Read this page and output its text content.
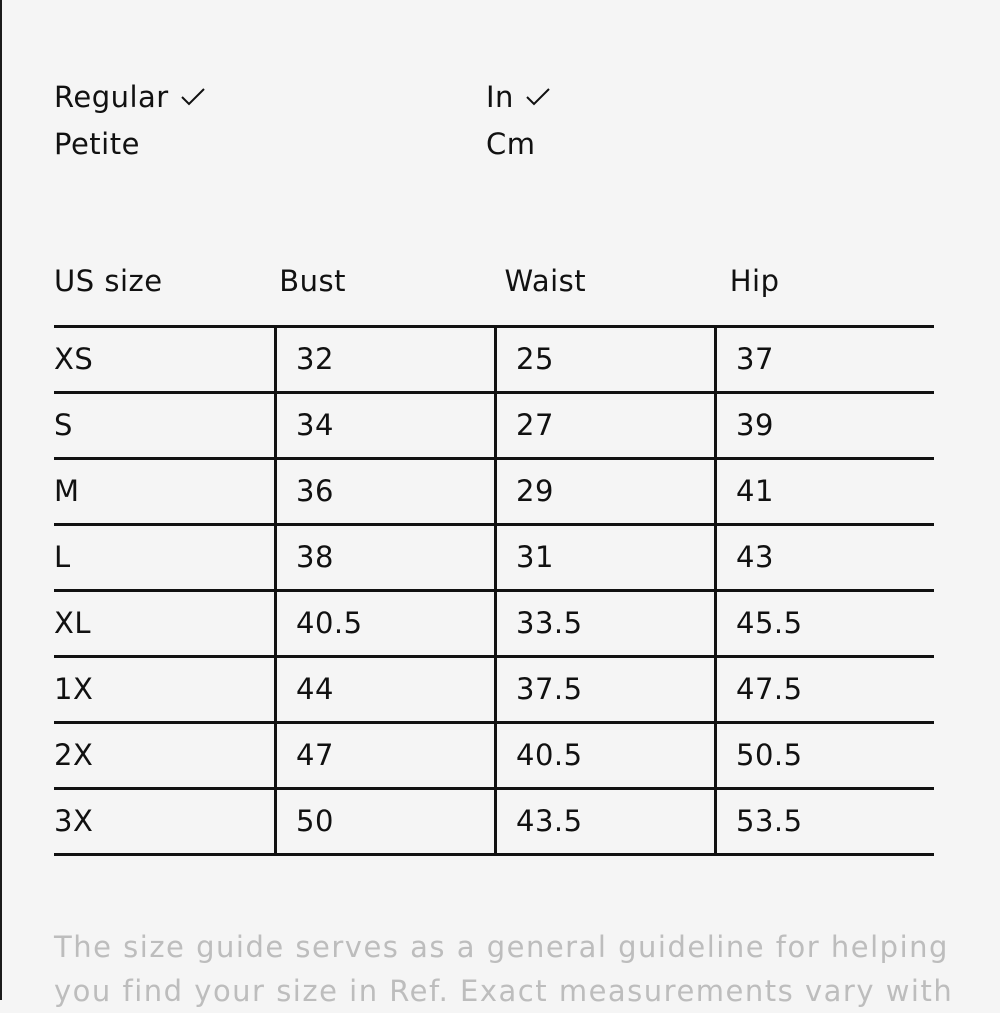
Regular
Petite
In
Cm
US size	Bust	Waist	Hip
XS	32	25	37
S	34	27	39
M	36	29	41
L	38	31	43
XL	40.5	33.5	45.5
1X	44	37.5	47.5
2X	47	40.5	50.5
3X	50	43.5	53.5
The size guide serves as a general guideline for helping
you find your size in Ref. Exact measurements vary with
